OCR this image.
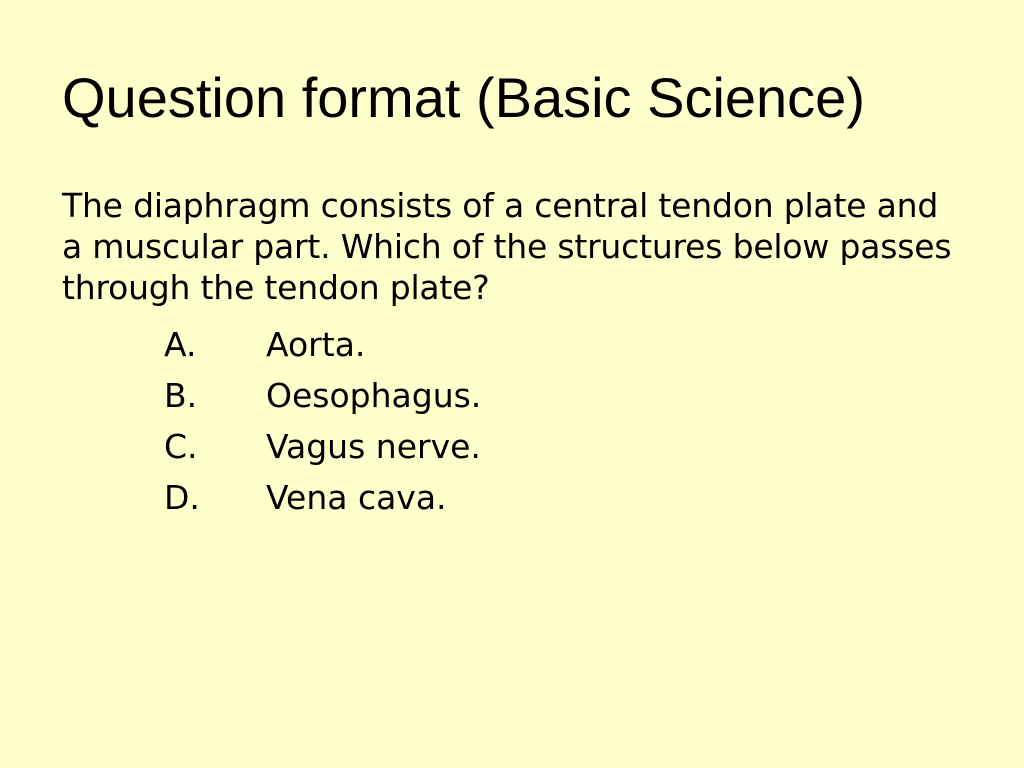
Question format (Basic Science)

The diaphragm consists of a central tendon plate and a muscular part. Which of the structures below passes through the tendon plate?

A. Aorta.
B. Oesophagus.
C. Vagus nerve.
D. Vena cava.
